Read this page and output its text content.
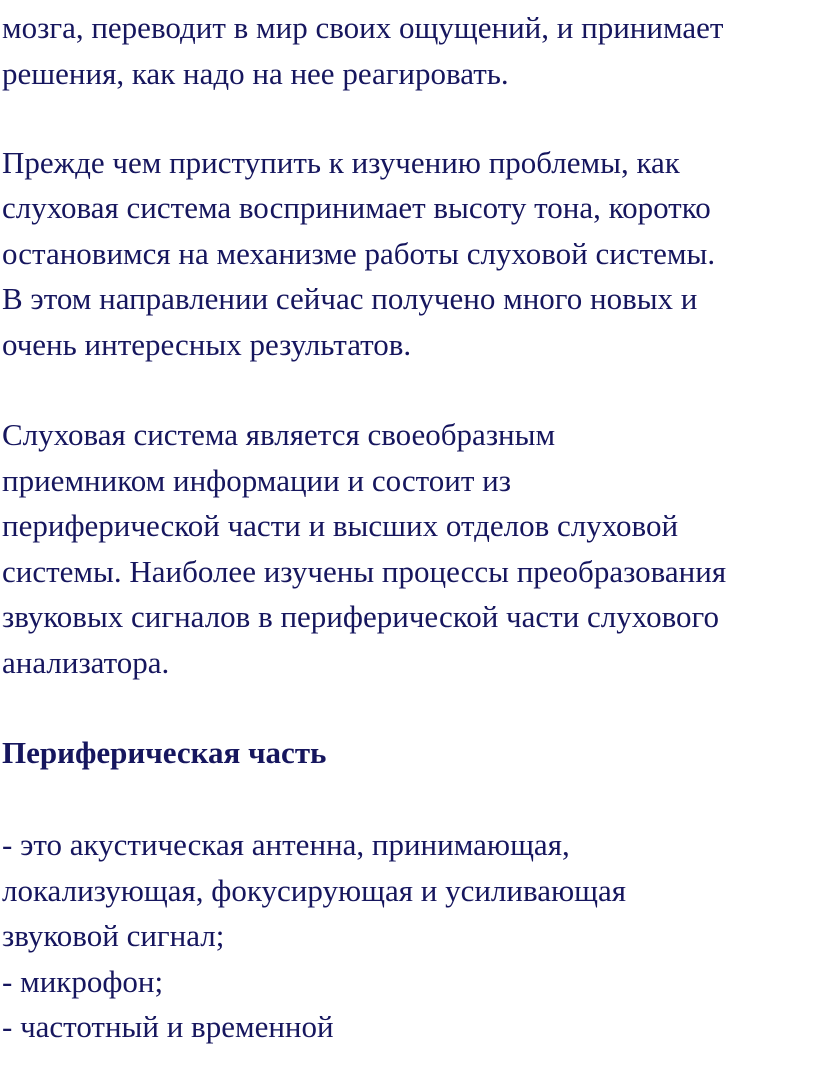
мозга, переводит в мир своих ощущений, и принимает
решения, как надо на нее реагировать.
Прежде чем приступить к изучению проблемы, как
слуховая система воспринимает высоту тона, коротко
остановимся на механизме работы слуховой системы.
В этом направлении сейчас получено много новых и
очень интересных результатов.
Слуховая система является своеобразным
приемником информации и состоит из
периферической части и высших отделов слуховой
системы. Наиболее изучены процессы преобразования
звуковых сигналов в периферической части слухового
анализатора.
Периферическая часть
- это акустическая антенна, принимающая,
локализующая, фокусирующая и усиливающая
звуковой сигнал;
- микрофон;
- частотный и временной
